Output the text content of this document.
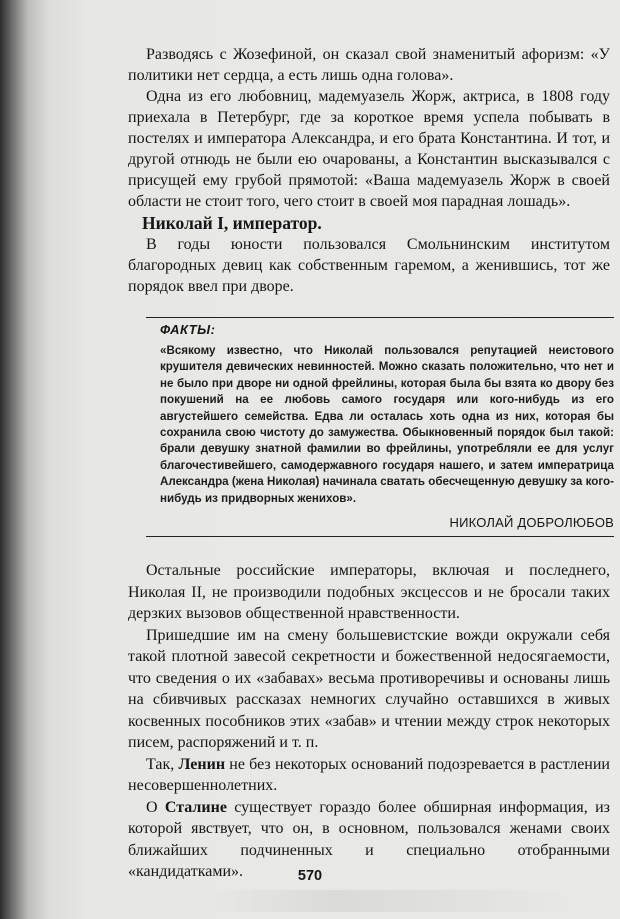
Разводясь с Жозефиной, он сказал свой знаменитый афоризм: «У политики нет сердца, а есть лишь одна голова».

Одна из его любовниц, мадемуазель Жорж, актриса, в 1808 году приехала в Петербург, где за короткое время успела побывать в постелях и императора Александра, и его брата Константина. И тот, и другой отнюдь не были ею очарованы, а Константин высказывался с присущей ему грубой прямотой: «Ваша мадемуазель Жорж в своей области не стоит того, чего стоит в своей моя парадная лошадь».

Николай I, император.

В годы юности пользовался Смольнинским институтом благородных девиц как собственным гаремом, а женившись, тот же порядок ввел при дворе.

ФАКТЫ:

«Всякому известно, что Николай пользовался репутацией неистового крушителя девических невинностей. Можно сказать положительно, что нет и не было при дворе ни одной фрейлины, которая была бы взята ко двору без покушений на ее любовь самого государя или кого-нибудь из его августейшего семейства. Едва ли осталась хоть одна из них, которая бы сохранила свою чистоту до замужества. Обыкновенный порядок был такой: брали девушку знатной фамилии во фрейлины, употребляли ее для услуг благочестивейшего, самодержавного государя нашего, и затем императрица Александра (жена Николая) начинала сватать обесчещенную девушку за кого-нибудь из придворных женихов».

НИКОЛАЙ ДОБРОЛЮБОВ

Остальные российские императоры, включая и последнего, Николая II, не производили подобных эксцессов и не бросали таких дерзких вызовов общественной нравственности.

Пришедшие им на смену большевистские вожди окружали себя такой плотной завесой секретности и божественной недосягаемости, что сведения о их «забавах» весьма противоречивы и основаны лишь на сбивчивых рассказах немногих случайно оставшихся в живых косвенных пособников этих «забав» и чтении между строк некоторых писем, распоряжений и т. п.

Так, Ленин не без некоторых оснований подозревается в растлении несовершеннолетних.

О Сталине существует гораздо более обширная информация, из которой явствует, что он, в основном, пользовался женами своих ближайших подчиненных и специально отобранными «кандидатками».	570
